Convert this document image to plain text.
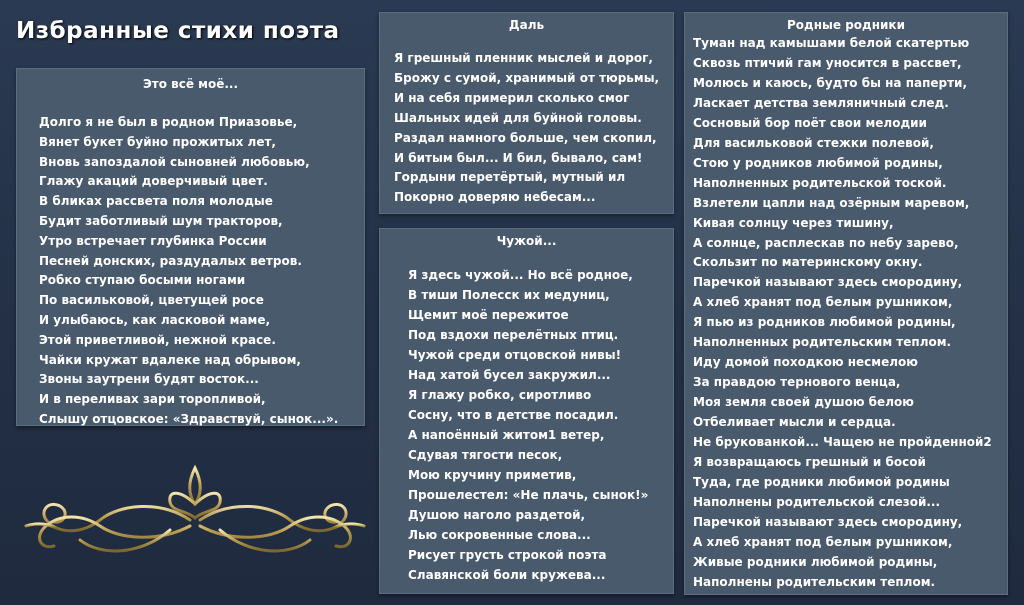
Избранные стихи поэта
Это всё моё...
Долго я не был в родном Приазовье,
Вянет букет буйно прожитых лет,
Вновь запоздалой сыновней любовью,
Глажу акаций доверчивый цвет.
В бликах рассвета поля молодые
Будит заботливый шум тракторов,
Утро встречает глубинка России
Песней донских, раздудалых ветров.
Робко ступаю босыми ногами
По васильковой, цветущей росе
И улыбаюсь, как ласковой маме,
Этой приветливой, нежной красе.
Чайки кружат вдалеке над обрывом,
Звоны заутрени будят восток...
И в переливах зари торопливой,
Слышу отцовское: «Здравствуй, сынок...».
Даль
Я грешный пленник мыслей и дорог,
Брожу с сумой, хранимый от тюрьмы,
И на себя примерил сколько смог
Шальных идей для буйной головы.
Раздал намного больше, чем скопил,
И битым был... И бил, бывало, сам!
Гордыни перетёртый, мутный ил
Покорно доверяю небесам...
Чужой...
Я здесь чужой... Но всё родное,
В тиши Полесск их медуниц,
Щемит моё пережитое
Под вздохи перелётных птиц.
Чужой среди отцовской нивы!
Над хатой бусел закружил...
Я глажу робко, сиротливо
Сосну, что в детстве посадил.
А напоённый житом1 ветер,
Сдувая тягости песок,
Мою кручину приметив,
Прошелестел: «Не плачь, сынок!»
Душою наголо раздетой,
Лью сокровенные слова...
Рисует грусть строкой поэта
Славянской боли кружева...
Родные родники
Туман над камышами белой скатертью
Сквозь птичий гам уносится в рассвет,
Молюсь и каюсь, будто бы на паперти,
Ласкает детства земляничный след.
Сосновый бор поёт свои мелодии
Для васильковой стежки полевой,
Стою у родников любимой родины,
Наполненных родительской тоской.
Взлетели цапли над озёрным маревом,
Кивая солнцу через тишину,
А солнце, расплескав по небу зарево,
Скользит по материнскому окну.
Паречкой называют здесь смородину,
А хлеб хранят под белым рушником,
Я пью из родников любимой родины,
Наполненных родительским теплом.
Иду домой походкою несмелою
За правдою тернового венца,
Моя земля своей душою белою
Отбеливает мысли и сердца.
Не брукованкой... Чащею не пройденной2
Я возвращаюсь грешный и босой
Туда, где родники любимой родины
Наполнены родительской слезой...
Паречкой называют здесь смородину,
А хлеб хранят под белым рушником,
Живые родники любимой родины,
Наполнены родительским теплом.
